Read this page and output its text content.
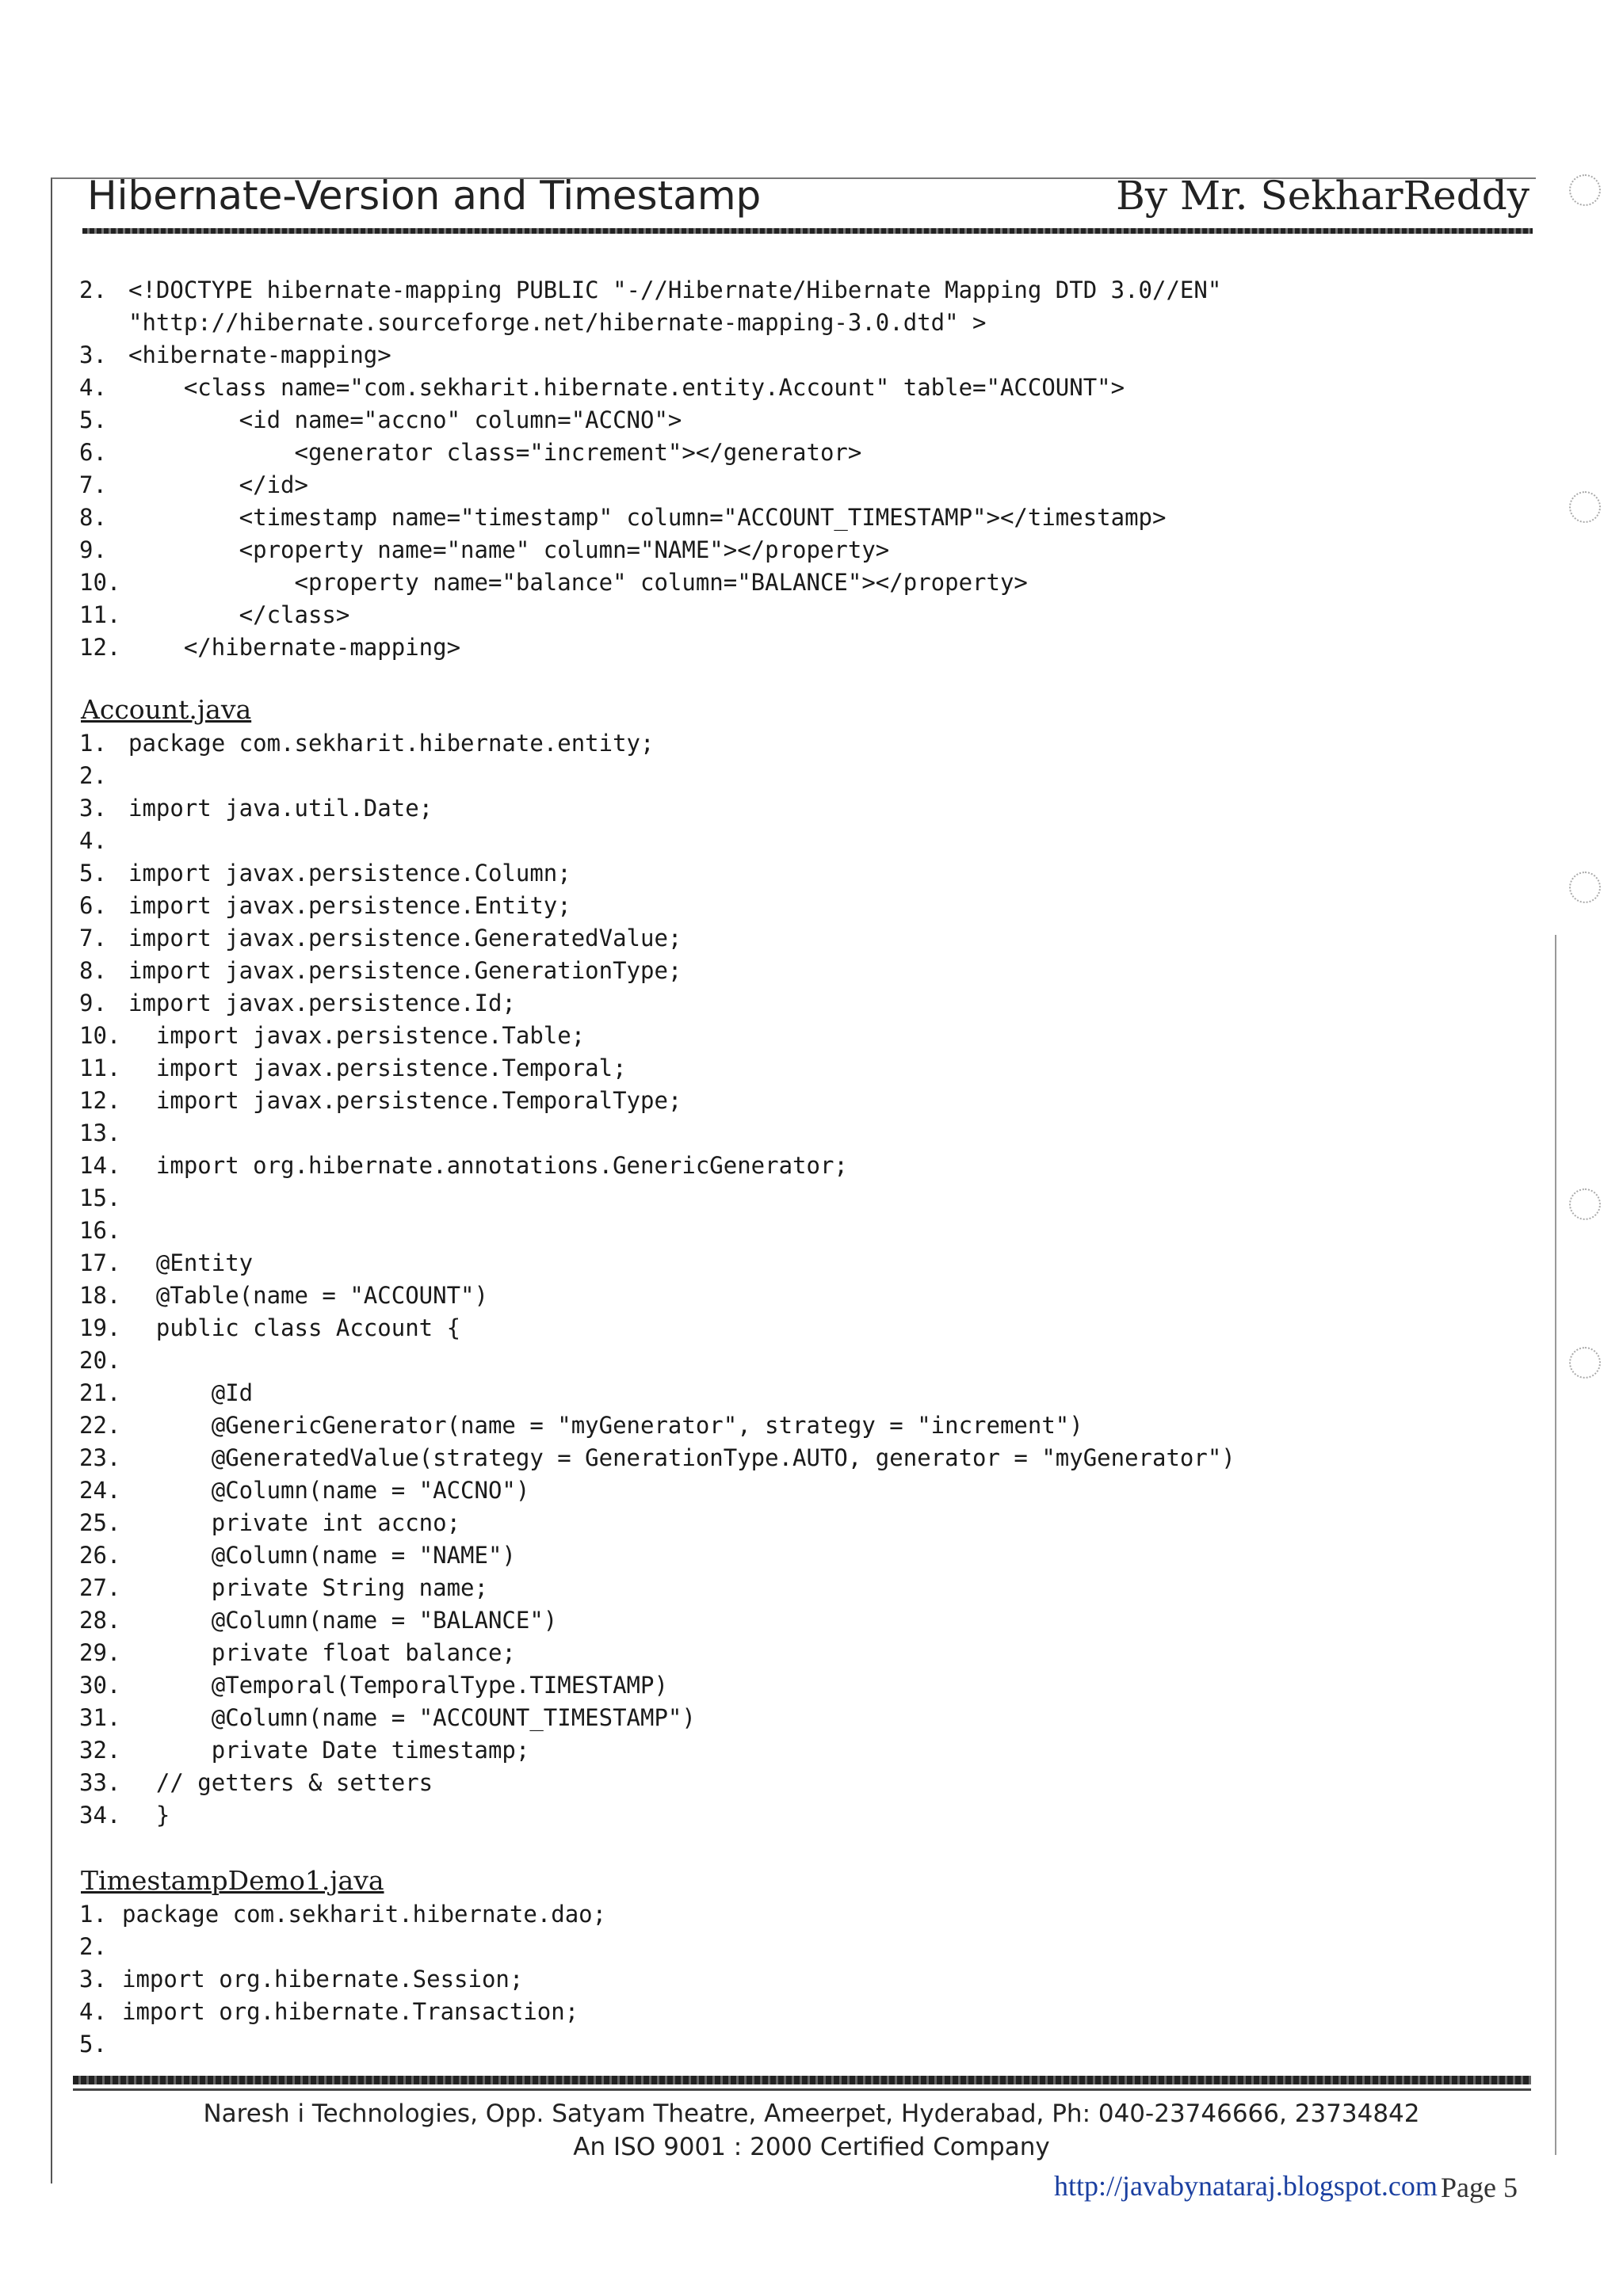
Hibernate-Version and Timestamp	By Mr. SekharReddy
2. <!DOCTYPE hibernate-mapping PUBLIC "-//Hibernate/Hibernate Mapping DTD 3.0//EN"
"http://hibernate.sourceforge.net/hibernate-mapping-3.0.dtd" >
3. <hibernate-mapping>
4.    <class name="com.sekharit.hibernate.entity.Account" table="ACCOUNT">
5.        <id name="accno" column="ACCNO">
6.            <generator class="increment"></generator>
7.        </id>
8.        <timestamp name="timestamp" column="ACCOUNT_TIMESTAMP"></timestamp>
9.        <property name="name" column="NAME"></property>
10.            <property name="balance" column="BALANCE"></property>
11.        </class>
12.    </hibernate-mapping>
Account.java
1. package com.sekharit.hibernate.entity;
2.
3. import java.util.Date;
4.
5. import javax.persistence.Column;
6. import javax.persistence.Entity;
7. import javax.persistence.GeneratedValue;
8. import javax.persistence.GenerationType;
9. import javax.persistence.Id;
10.  import javax.persistence.Table;
11.  import javax.persistence.Temporal;
12.  import javax.persistence.TemporalType;
13.
14.  import org.hibernate.annotations.GenericGenerator;
15.
16.
17.  @Entity
18.  @Table(name = "ACCOUNT")
19.  public class Account {
20.
21.      @Id
22.      @GenericGenerator(name = "myGenerator", strategy = "increment")
23.      @GeneratedValue(strategy = GenerationType.AUTO, generator = "myGenerator")
24.      @Column(name = "ACCNO")
25.      private int accno;
26.      @Column(name = "NAME")
27.      private String name;
28.      @Column(name = "BALANCE")
29.      private float balance;
30.      @Temporal(TemporalType.TIMESTAMP)
31.      @Column(name = "ACCOUNT_TIMESTAMP")
32.      private Date timestamp;
33.  // getters & setters
34.  }
TimestampDemo1.java
1. package com.sekharit.hibernate.dao;
2.
3. import org.hibernate.Session;
4. import org.hibernate.Transaction;
5.
Naresh i Technologies, Opp. Satyam Theatre, Ameerpet, Hyderabad, Ph: 040-23746666, 23734842
An ISO 9001 : 2000 Certified Company
http://javabynataraj.blogspot.com Page 5
